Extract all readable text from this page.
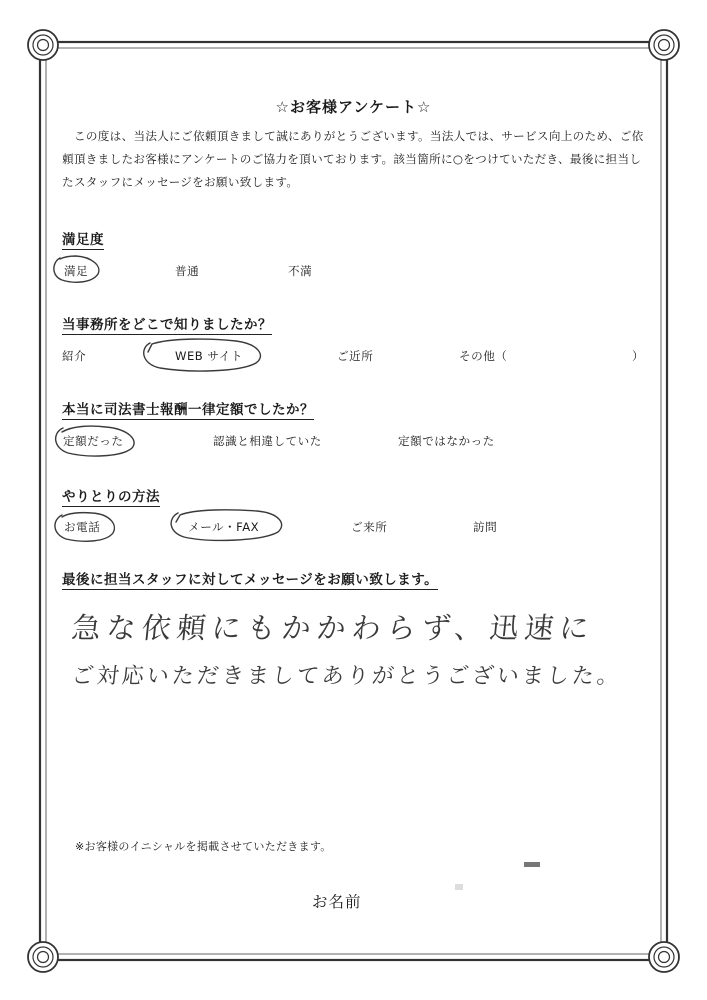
☆お客様アンケート☆
この度は、当法人にご依頼頂きまして誠にありがとうございます。当法人では、サービス向上のため、ご依頼頂きましたお客様にアンケートのご協力を頂いております。該当箇所に○をつけていただき、最後に担当したスタッフにメッセージをお願い致します。
満足度
満足	普通	不満
当事務所をどこで知りましたか？
紹介	WEB サイト	ご近所	その他（	）
本当に司法書士報酬一律定額でしたか？
定額だった	認識と相違していた	定額ではなかった
やりとりの方法
お電話	メール・FAX	ご来所	訪問
最後に担当スタッフに対してメッセージをお願い致します。
急な依頼にもかかわらず、迅速に
ご対応いただきましてありがとうございました。
※お客様のイニシャルを掲載させていただきます。
お名前
